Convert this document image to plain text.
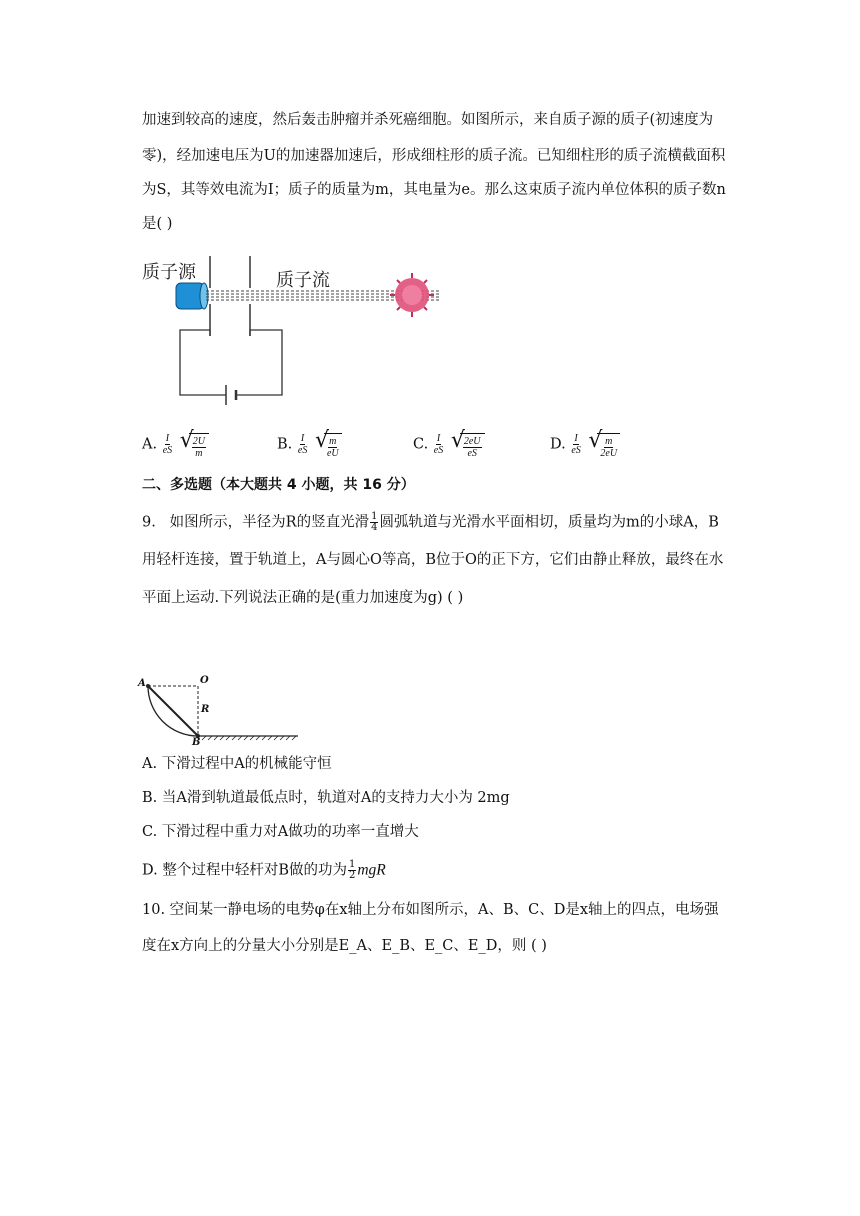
加速到较高的速度，然后轰击肿瘤并杀死癌细胞。如图所示，来自质子源的质子(初速度为
零)，经加速电压为U的加速器加速后，形成细柱形的质子流。已知细柱形的质子流横截面积
为S，其等效电流为I；质子的质量为m，其电量为e。那么这束质子流内单位体积的质子数n
是( )
质子源	质子流
A. $\frac{I}{eS}$
√
$\frac{2U}{m}$	B. $\frac{I}{eS}$
√
$\frac{m}{eU}$	C. $\frac{I}{eS}$
√
$\frac{2eU}{eS}$	D. $\frac{I}{eS}$
√
$\frac{m}{2eU}$
二、多选题（本大题共 4 小题，共 16 分）
9. 如图所示，半径为R的竖直光滑 $\frac{1}{4}$ 圆弧轨道与光滑水平面相切，质量均为m的小球A，B
用轻杆连接，置于轨道上，A与圆心O等高，B位于O的正下方，它们由静止释放，最终在水
平面上运动.下列说法正确的是(重力加速度为g) ( )
A	O
R
B
A. 下滑过程中A的机械能守恒
B. 当A滑到轨道最低点时，轨道对A的支持力大小为 2mg
C. 下滑过程中重力对A做功的功率一直增大
D. 整个过程中轻杆对B做的功为 $\frac{1}{2}$ mgR
10. 空间某一静电场的电势φ在x轴上分布如图所示，A、B、C、D是x轴上的四点，电场强
度在x方向上的分量大小分别是E_A、E_B、E_C、E_D，则 ( )
